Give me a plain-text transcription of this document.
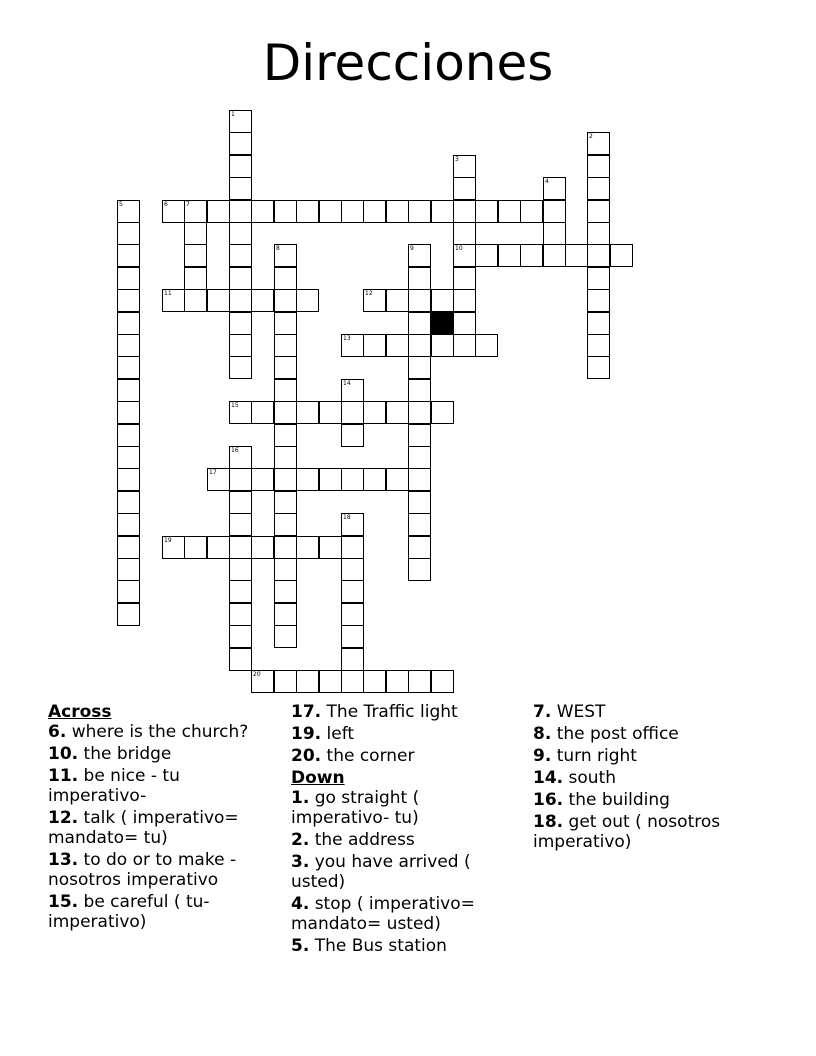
Direcciones
1
2
3
10
4
5	6	7
8	9
11	12
13
14
15
16
17
18
19
20

Across

6. where is the church?

10. the bridge

11. be nice - tu imperativo-

12. talk ( imperativo= mandato= tu)

13. to do or to make - nosotros imperativo

15. be careful ( tu- imperativo)

17. The Traffic light

19. left

20. the corner

Down

1. go straight ( imperativo- tu)

2. the address

3. you have arrived ( usted)

4. stop ( imperativo= mandato= usted)

5. The Bus station

7. WEST

8. the post office

9. turn right

14. south

16. the building

18. get out ( nosotros imperativo)
